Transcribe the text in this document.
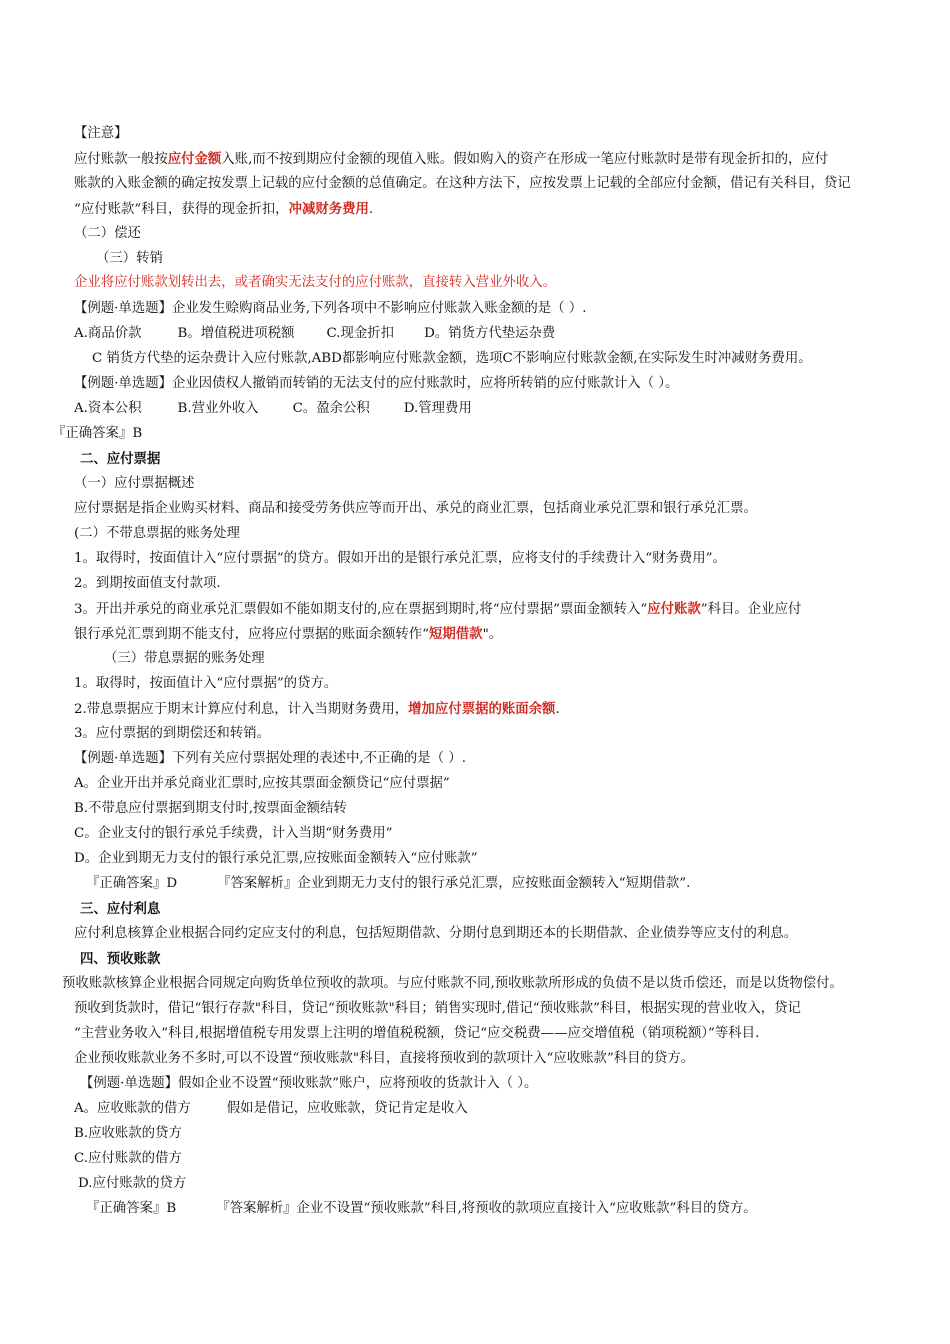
【注意】
应付账款一般按应付金额入账,而不按到期应付金额的现值入账。假如购入的资产在形成一笔应付账款时是带有现金折扣的，应付
账款的入账金额的确定按发票上记载的应付金额的总值确定。在这种方法下，应按发票上记载的全部应付金额，借记有关科目，贷记
“应付账款”科目，获得的现金折扣，冲减财务费用.
（二）偿还
（三）转销
企业将应付账款划转出去，或者确实无法支付的应付账款，直接转入营业外收入。
【例题·单选题】企业发生赊购商品业务,下列各项中不影响应付账款入账金额的是（ ）.
A.商品价款	B。增值税进项税额 C.现金折扣 D。销货方代垫运杂费
C 销货方代垫的运杂费计入应付账款,ABD都影响应付账款金额，选项C不影响应付账款金额,在实际发生时冲减财务费用。
【例题·单选题】企业因债权人撤销而转销的无法支付的应付账款时，应将所转销的应付账款计入（ ）。
A.资本公积	B.营业外收入	C。盈余公积	D.管理费用
『正确答案』B
二、应付票据
（一）应付票据概述
应付票据是指企业购买材料、商品和接受劳务供应等而开出、承兑的商业汇票，包括商业承兑汇票和银行承兑汇票。
(二）不带息票据的账务处理
1。取得时，按面值计入“应付票据”的贷方。假如开出的是银行承兑汇票，应将支付的手续费计入“财务费用”。
2。到期按面值支付款项.
3。开出并承兑的商业承兑汇票假如不能如期支付的,应在票据到期时,将“应付票据”票面金额转入“应付账款”科目。企业应付
银行承兑汇票到期不能支付，应将应付票据的账面余额转作“短期借款"。
（三）带息票据的账务处理
1。取得时，按面值计入“应付票据”的贷方。
2.带息票据应于期末计算应付利息，计入当期财务费用，增加应付票据的账面余额.
3。应付票据的到期偿还和转销。
【例题·单选题】下列有关应付票据处理的表述中,不正确的是（ ）.
A。企业开出并承兑商业汇票时,应按其票面金额贷记“应付票据”
B.不带息应付票据到期支付时,按票面金额结转
C。企业支付的银行承兑手续费，计入当期“财务费用”
D。企业到期无力支付的银行承兑汇票,应按账面金额转入“应付账款”
『正确答案』D	『答案解析』企业到期无力支付的银行承兑汇票，应按账面金额转入“短期借款”.
三、应付利息
应付利息核算企业根据合同约定应支付的利息，包括短期借款、分期付息到期还本的长期借款、企业债券等应支付的利息。
四、预收账款
预收账款核算企业根据合同规定向购货单位预收的款项。与应付账款不同,预收账款所形成的负债不是以货币偿还，而是以货物偿付。
预收到货款时，借记“银行存款"科目，贷记“预收账款"科目；销售实现时,借记“预收账款”科目，根据实现的营业收入，贷记
“主营业务收入”科目,根据增值税专用发票上注明的增值税税额，贷记“应交税费——应交增值税（销项税额）”等科目.
企业预收账款业务不多时,可以不设置“预收账款"科目，直接将预收到的款项计入“应收账款”科目的贷方。
【例题·单选题】假如企业不设置“预收账款”账户，应将预收的货款计入（ ）。
A。应收账款的借方	假如是借记，应收账款，贷记肯定是收入
B.应收账款的贷方
C.应付账款的借方
D.应付账款的贷方
『正确答案』B	『答案解析』企业不设置“预收账款”科目,将预收的款项应直接计入“应收账款”科目的贷方。
